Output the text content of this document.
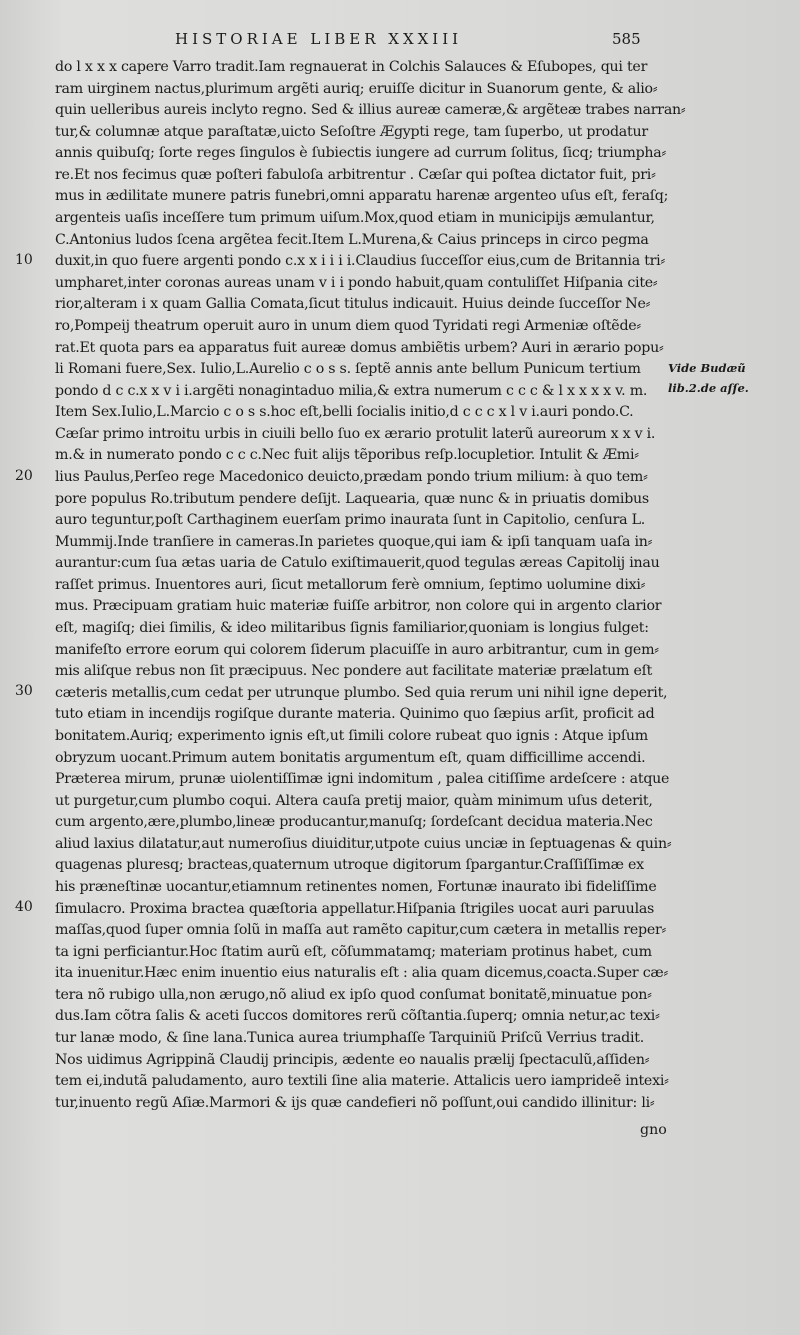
HISTORIAE LIBER XXXIII	585
do l x x x capere Varro tradit.Iam regnauerat in Colchis Salauces & Eſubopes, qui ter
ram uirginem nactus,plurimum argẽti auriq; eruiſſe dicitur in Suanorum gente, & alio⸗
quin uelleribus aureis inclyto regno. Sed & illius aureæ cameræ,& argẽteæ trabes narran⸗
tur,& columnæ atque paraſtatæ,uicto Seſoſtre Ægypti rege, tam ſuperbo, ut prodatur
annis quibuſq; ſorte reges ſingulos è ſubiectis iungere ad currum ſolitus, ſicq; triumpha⸗
re.Et nos fecimus quæ poſteri fabuloſa arbitrentur . Cæſar qui poſtea dictator fuit, pri⸗
mus in ædilitate munere patris funebri,omni apparatu harenæ argenteo uſus eſt, feraſq;
argenteis uaſis inceſſere tum primum uiſum.Mox,quod etiam in municipijs æmulantur,
C.Antonius ludos ſcena argẽtea fecit.Item L.Murena,& Caius princeps in circo pegma
duxit,in quo fuere argenti pondo c.x x i i i i.Claudius ſucceſſor eius,cum de Britannia tri⸗
umpharet,inter coronas aureas unam v i i pondo habuit,quam contuliſſet Hiſpania cite⸗
rior,alteram i x quam Gallia Comata,ſicut titulus indicauit. Huius deinde ſucceſſor Ne⸗
ro,Pompeij theatrum operuit auro in unum diem quod Tyridati regi Armeniæ oſtẽde⸗
rat.Et quota pars ea apparatus fuit aureæ domus ambiẽtis urbem? Auri in ærario popu⸗
li Romani fuere,Sex. Iulio,L.Aurelio c o s s. ſeptẽ annis ante bellum Punicum tertium
pondo d c c.x x v i i.argẽti nonagintaduo milia,& extra numerum c c c & l x x x x v. m.
Item Sex.Iulio,L.Marcio c o s s.hoc eſt,belli ſocialis initio,d c c c x l v i.auri pondo.C.
Cæſar primo introitu urbis in ciuili bello ſuo ex ærario protulit laterũ aureorum x x v i.
m.& in numerato pondo c c c.Nec fuit alijs tẽporibus reſp.locupletior. Intulit & Æmi⸗
lius Paulus,Perſeo rege Macedonico deuicto,prædam pondo trium milium: à quo tem⸗
pore populus Ro.tributum pendere deſijt. Laquearia, quæ nunc & in priuatis domibus
auro teguntur,poſt Carthaginem euerſam primo inaurata ſunt in Capitolio, cenſura L.
Mummij.Inde tranſiere in cameras.In parietes quoque,qui iam & ipſi tanquam uaſa in⸗
aurantur:cum ſua ætas uaria de Catulo exiſtimauerit,quod tegulas æreas Capitolij inau
raſſet primus. Inuentores auri, ſicut metallorum ferè omnium, ſeptimo uolumine dixi⸗
mus. Præcipuam gratiam huic materiæ fuiſſe arbitror, non colore qui in argento clarior
eſt, magiſq; diei ſimilis, & ideo militaribus ſignis familiarior,quoniam is longius fulget:
manifeſto errore eorum qui colorem ſiderum placuiſſe in auro arbitrantur, cum in gem⸗
mis aliſque rebus non ſit præcipuus. Nec pondere aut facilitate materiæ prælatum eſt
cæteris metallis,cum cedat per utrunque plumbo. Sed quia rerum uni nihil igne deperit,
tuto etiam in incendijs rogiſque durante materia. Quinimo quo ſæpius arſit, proficit ad
bonitatem.Auriq; experimento ignis eſt,ut ſimili colore rubeat quo ignis : Atque ipſum
obryzum uocant.Primum autem bonitatis argumentum eſt, quam difficillime accendi.
Præterea mirum, prunæ uiolentiſſimæ igni indomitum , palea citiſſime ardeſcere : atque
ut purgetur,cum plumbo coqui. Altera cauſa pretij maior, quàm minimum uſus deterit,
cum argento,ære,plumbo,lineæ producantur,manuſq; ſordeſcant decidua materia.Nec
aliud laxius dilatatur,aut numeroſius diuiditur,utpote cuius unciæ in ſeptuagenas & quin⸗
quagenas pluresq; bracteas,quaternum utroque digitorum ſpargantur.Craſſiſſimæ ex
his præneſtinæ uocantur,etiamnum retinentes nomen, Fortunæ inaurato ibi fideliſſime
ſimulacro. Proxima bractea quæſtoria appellatur.Hiſpania ſtrigiles uocat auri paruulas
maſſas,quod ſuper omnia ſolũ in maſſa aut ramẽto capitur,cum cætera in metallis reper⸗
ta igni perficiantur.Hoc ſtatim aurũ eſt, cõſummatamq; materiam protinus habet, cum
ita inuenitur.Hæc enim inuentio eius naturalis eſt : alia quam dicemus,coacta.Super cæ⸗
tera nõ rubigo ulla,non ærugo,nõ aliud ex ipſo quod conſumat bonitatẽ,minuatue pon⸗
dus.Iam cõtra ſalis & aceti ſuccos domitores rerũ cõſtantia.ſuperq; omnia netur,ac texi⸗
tur lanæ modo, & ſine lana.Tunica aurea triumphaſſe Tarquiniũ Priſcũ Verrius tradit.
Nos uidimus Agrippinã Claudij principis, ædente eo naualis prælij ſpectaculũ,aſſiden⸗
tem ei,indutã paludamento, auro textili ſine alia materie. Attalicis uero iamprideẽ intexi⸗
tur,inuento regũ Aſiæ.Marmori & ijs quæ candefieri nõ poſſunt,oui candido illinitur: li⸗
10
20
30
40
Vide Budæũ
lib.2.de aſſe.
gno
